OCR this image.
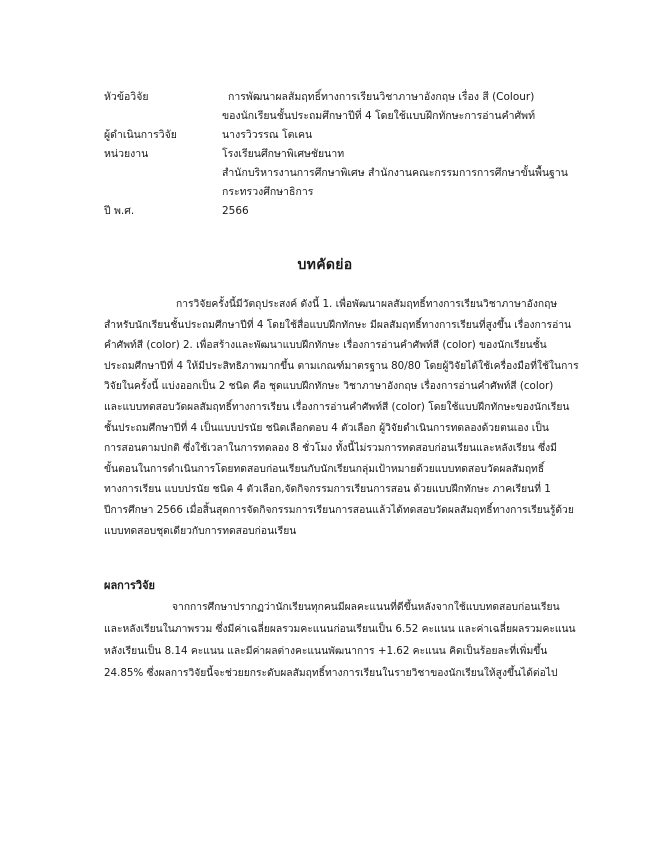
หัวข้อวิจัย	การพัฒนาผลสัมฤทธิ์ทางการเรียนวิชาภาษาอังกฤษ เรื่อง สี (Colour)
ของนักเรียนชั้นประถมศึกษาปีที่ 4 โดยใช้แบบฝึกทักษะการอ่านคำศัพท์
ผู้ดำเนินการวิจัย	นางรวิวรรณ โตเคน
หน่วยงาน	โรงเรียนศึกษาพิเศษชัยนาท
สำนักบริหารงานการศึกษาพิเศษ สำนักงานคณะกรรมการการศึกษาขั้นพื้นฐาน
กระทรวงศึกษาธิการ
ปี พ.ศ.	2566
บทคัดย่อ
การวิจัยครั้งนี้มีวัตถุประสงค์ ดังนี้ 1. เพื่อพัฒนาผลสัมฤทธิ์ทางการเรียนวิชาภาษาอังกฤษ
สำหรับนักเรียนชั้นประถมศึกษาปีที่ 4 โดยใช้สื่อแบบฝึกทักษะ มีผลสัมฤทธิ์ทางการเรียนที่สูงขึ้น เรื่องการอ่าน
คำศัพท์สี (color) 2. เพื่อสร้างและพัฒนาแบบฝึกทักษะ เรื่องการอ่านคำศัพท์สี (color) ของนักเรียนชั้น
ประถมศึกษาปีที่ 4 ให้มีประสิทธิภาพมากขึ้น ตามเกณฑ์มาตรฐาน 80/80 โดยผู้วิจัยได้ใช้เครื่องมือที่ใช้ในการ
วิจัยในครั้งนี้ แบ่งออกเป็น 2 ชนิด คือ ชุดแบบฝึกทักษะ วิชาภาษาอังกฤษ เรื่องการอ่านคำศัพท์สี (color)
และแบบทดสอบวัดผลสัมฤทธิ์ทางการเรียน เรื่องการอ่านคำศัพท์สี (color) โดยใช้แบบฝึกทักษะของนักเรียน
ชั้นประถมศึกษาปีที่ 4 เป็นแบบปรนัย ชนิดเลือกตอบ 4 ตัวเลือก ผู้วิจัยดำเนินการทดลองด้วยตนเอง เป็น
การสอนตามปกติ ซึ่งใช้เวลาในการทดลอง 8 ชั่วโมง ทั้งนี้ไม่รวมการทดสอบก่อนเรียนและหลังเรียน ซึ่งมี
ขั้นตอนในการดำเนินการโดยทดสอบก่อนเรียนกับนักเรียนกลุ่มเป้าหมายด้วยแบบทดสอบวัดผลสัมฤทธิ์
ทางการเรียน แบบปรนัย ชนิด 4 ตัวเลือก,จัดกิจกรรมการเรียนการสอน ด้วยแบบฝึกทักษะ ภาคเรียนที่ 1
ปีการศึกษา 2566 เมื่อสิ้นสุดการจัดกิจกรรมการเรียนการสอนแล้วได้ทดสอบวัดผลสัมฤทธิ์ทางการเรียนรู้ด้วย
แบบทดสอบชุดเดียวกับการทดสอบก่อนเรียน
ผลการวิจัย
จากการศึกษาปรากฏว่านักเรียนทุกคนมีผลคะแนนที่ดีขึ้นหลังจากใช้แบบทดสอบก่อนเรียน
และหลังเรียนในภาพรวม ซึ่งมีค่าเฉลี่ยผลรวมคะแนนก่อนเรียนเป็น 6.52 คะแนน และค่าเฉลี่ยผลรวมคะแนน
หลังเรียนเป็น 8.14 คะแนน และมีค่าผลต่างคะแนนพัฒนาการ +1.62 คะแนน คิดเป็นร้อยละที่เพิ่มขึ้น
24.85% ซึ่งผลการวิจัยนี้จะช่วยยกระดับผลสัมฤทธิ์ทางการเรียนในรายวิชาของนักเรียนให้สูงขึ้นได้ต่อไป
